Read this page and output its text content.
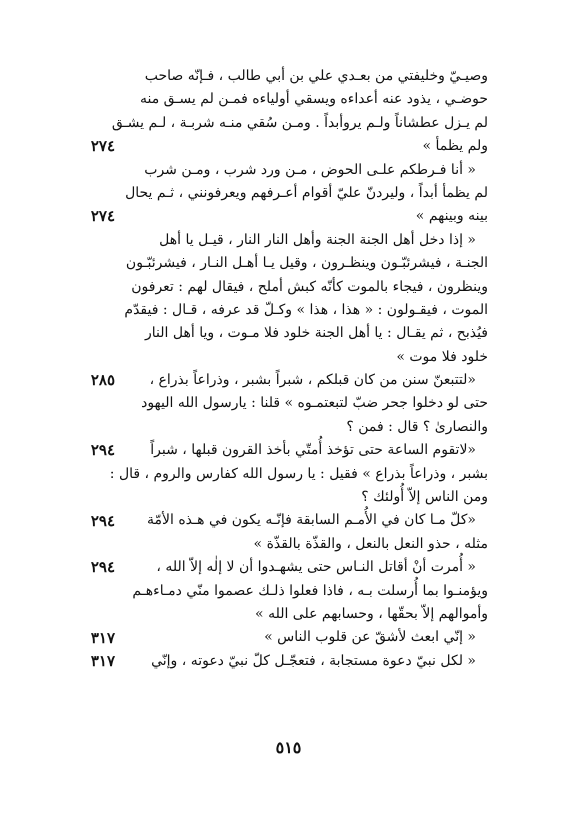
وصيـيّ وخليفتي من بعـدي علي بن أبي طالب ، فـإنّه صاحب
حوضـي ، يذود عنه أعداءه ويسقي أولياءه فمـن لم يسـق منه
لم يـزل عطشاناً ولـم يروأبداً . ومـن سُقي منـه شربـة ، لـم يشـق
ولم يظمأ »
« أنا فـرطكم علـى الحوض ، مـن ورد شرب ، ومـن شرب
لم يظمأ أبداً ، وليردنّ عليّ أقوام أعـرفهم ويعرفونني ، ثـم يحال
بينه وبينهم »
« إذا دخل أهل الجنة الجنة وأهل النار النار ، قيـل يا أهل
الجنـة ، فيشرئبّـون وينظـرون ، وقيل يـا أهـل النـار ، فيشرئبّـون
وينظرون ، فيجاء بالموت كأنّه كبش أملح ، فيقال لهم : تعرفون
الموت ، فيقـولون : « هذا ، هذا » وكـلّ قد عرفه ، قـال : فيقدّم
فيُذبح ، ثم يقـال : يا أهل الجنة خلود فلا مـوت ، ويا أهل النار
خلود فلا موت »
«لتتبعنّ سنن من كان قبلكم ، شبراً بشبر ، وذراعاً بذراع ،
حتى لو دخلوا جحر ضبّ لتبعتمـوه » قلنا : يارسول الله اليهود
والنصارىٰ ؟ قال : فمن ؟
«لاتقوم الساعة حتى تؤخذ أُمتّي بأخذ القرون قبلها ، شبراً
بشبر ، وذراعاً بذراع » فقيل : يا رسول الله كفارس والروم ، قال :
ومن الناس إلاّ أُولئك ؟
«كلّ مـا كان في الأُمـم السابقة فإنّـه يكون في هـذه الأمّة
مثله ، حذو النعل بالنعل ، والقذّة بالقذّة »
« أُمرت أنْ أقاتل النـاس حتى يشهـدوا أن لا إلٰه إلاّ الله ،
ويؤمنـوا بما أُرسلت بـه ، فاذا فعلوا ذلـك عصموا منّي دمـاءهـم
وأموالهم إلاّ بحقّها ، وحسابهم على الله »
« إنّي ابعث لأشقّ عن قلوب الناس »
« لكل نبيّ دعوة مستجابة ، فتعجّـل كلّ نبيّ دعوته ، وإنّي
٢٧٤
٢٧٤
٢٨٥
٢٩٤
٢٩٤
٢٩٤
٣١٧
٣١٧
٥١٥
